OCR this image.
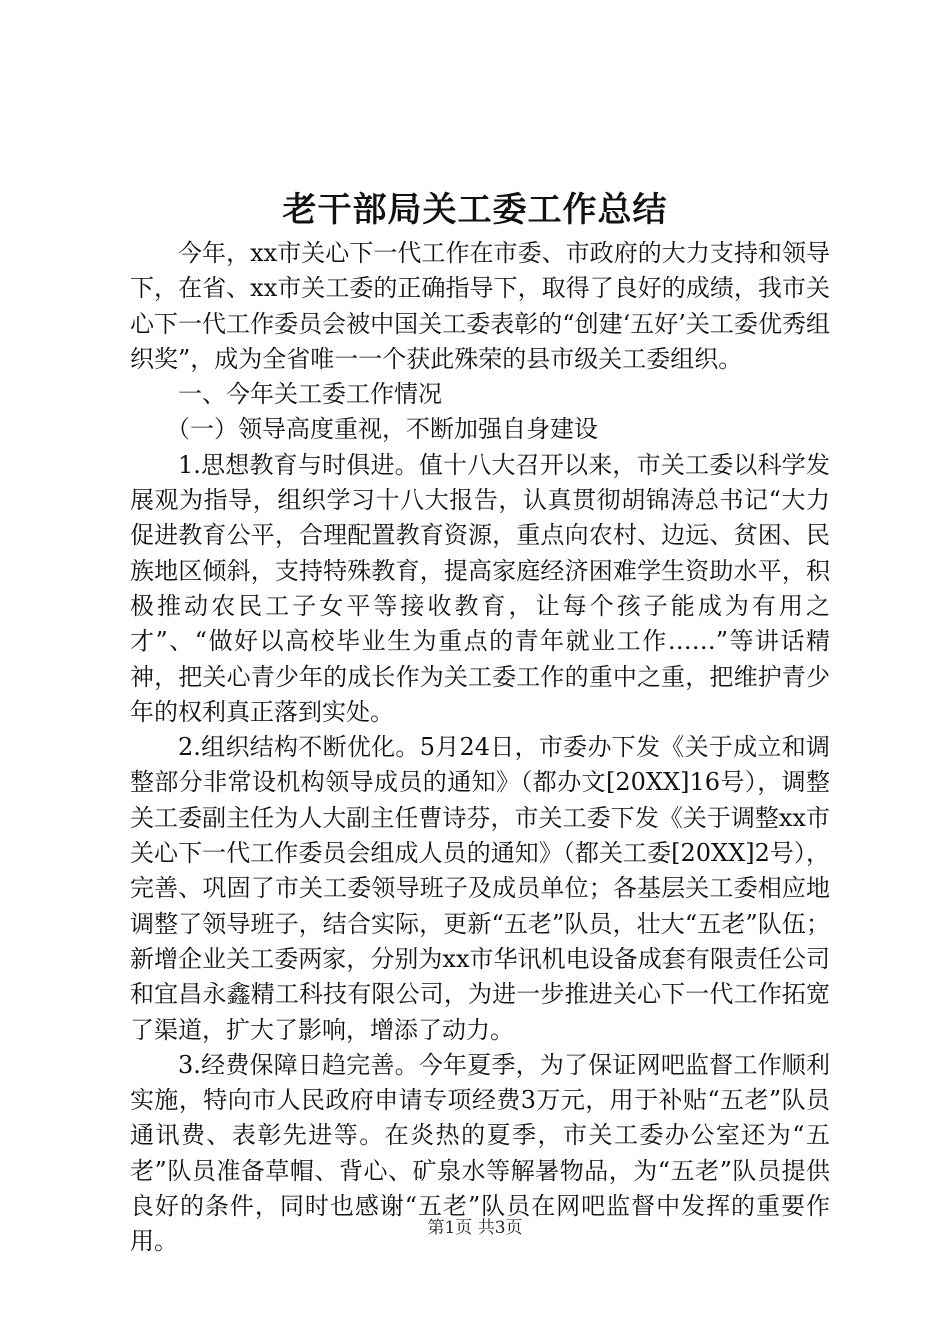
老干部局关工委工作总结

今年，xx市关心下一代工作在市委、市政府的大力支持和领导下，在省、xx市关工委的正确指导下，取得了良好的成绩，我市关心下一代工作委员会被中国关工委表彰的“创建‘五好’关工委优秀组织奖”，成为全省唯一一个获此殊荣的县市级关工委组织。

一、今年关工委工作情况

（一）领导高度重视，不断加强自身建设

1.思想教育与时俱进。值十八大召开以来，市关工委以科学发展观为指导，组织学习十八大报告，认真贯彻胡锦涛总书记“大力促进教育公平，合理配置教育资源，重点向农村、边远、贫困、民族地区倾斜，支持特殊教育，提高家庭经济困难学生资助水平，积极推动农民工子女平等接收教育，让每个孩子能成为有用之才”、“做好以高校毕业生为重点的青年就业工作……”等讲话精神，把关心青少年的成长作为关工委工作的重中之重，把维护青少年的权利真正落到实处。

2.组织结构不断优化。5月24日，市委办下发《关于成立和调整部分非常设机构领导成员的通知》（都办文[20XX]16号），调整关工委副主任为人大副主任曹诗芬，市关工委下发《关于调整xx市关心下一代工作委员会组成人员的通知》（都关工委[20XX]2号），完善、巩固了市关工委领导班子及成员单位；各基层关工委相应地调整了领导班子，结合实际，更新“五老”队员，壮大“五老”队伍；新增企业关工委两家，分别为xx市华讯机电设备成套有限责任公司和宜昌永鑫精工科技有限公司，为进一步推进关心下一代工作拓宽了渠道，扩大了影响，增添了动力。

3.经费保障日趋完善。今年夏季，为了保证网吧监督工作顺利实施，特向市人民政府申请专项经费3万元，用于补贴“五老”队员通讯费、表彰先进等。在炎热的夏季，市关工委办公室还为“五老”队员准备草帽、背心、矿泉水等解暑物品，为“五老”队员提供良好的条件，同时也感谢“五老”队员在网吧监督中发挥的重要作用。	第1页 共3页
